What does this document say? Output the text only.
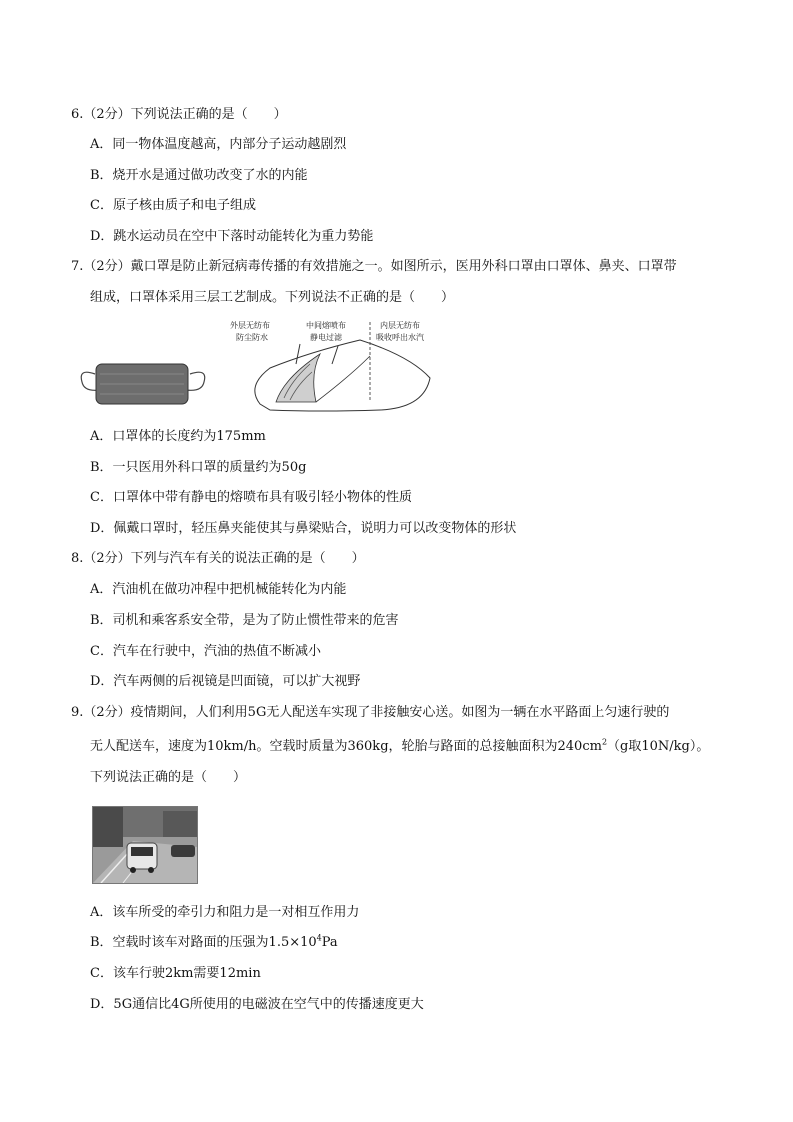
6.（2分）下列说法正确的是（　　）
A．同一物体温度越高，内部分子运动越剧烈
B．烧开水是通过做功改变了水的内能
C．原子核由质子和电子组成
D．跳水运动员在空中下落时动能转化为重力势能
7.（2分）戴口罩是防止新冠病毒传播的有效措施之一。如图所示，医用外科口罩由口罩体、鼻夹、口罩带
组成，口罩体采用三层工艺制成。下列说法不正确的是（　　）
外层无纺布
防尘防水
中间熔喷布
静电过滤
内层无纺布
吸收呼出水汽
A．口罩体的长度约为175mm
B．一只医用外科口罩的质量约为50g
C．口罩体中带有静电的熔喷布具有吸引轻小物体的性质
D．佩戴口罩时，轻压鼻夹能使其与鼻梁贴合，说明力可以改变物体的形状
8.（2分）下列与汽车有关的说法正确的是（　　）
A．汽油机在做功冲程中把机械能转化为内能
B．司机和乘客系安全带，是为了防止惯性带来的危害
C．汽车在行驶中，汽油的热值不断减小
D．汽车两侧的后视镜是凹面镜，可以扩大视野
9.（2分）疫情期间，人们利用5G无人配送车实现了非接触安心送。如图为一辆在水平路面上匀速行驶的
无人配送车，速度为10km/h。空载时质量为360kg，轮胎与路面的总接触面积为$240cm^2(g$取10N/kg）。
下列说法正确的是（　　）
A．该车所受的牵引力和阻力是一对相互作用力
B．空载时该车对路面的压强为$1.5\times 10^4Pa$
C．该车行驶2km需要12min
D．5G通信比4G所使用的电磁波在空气中的传播速度更大
